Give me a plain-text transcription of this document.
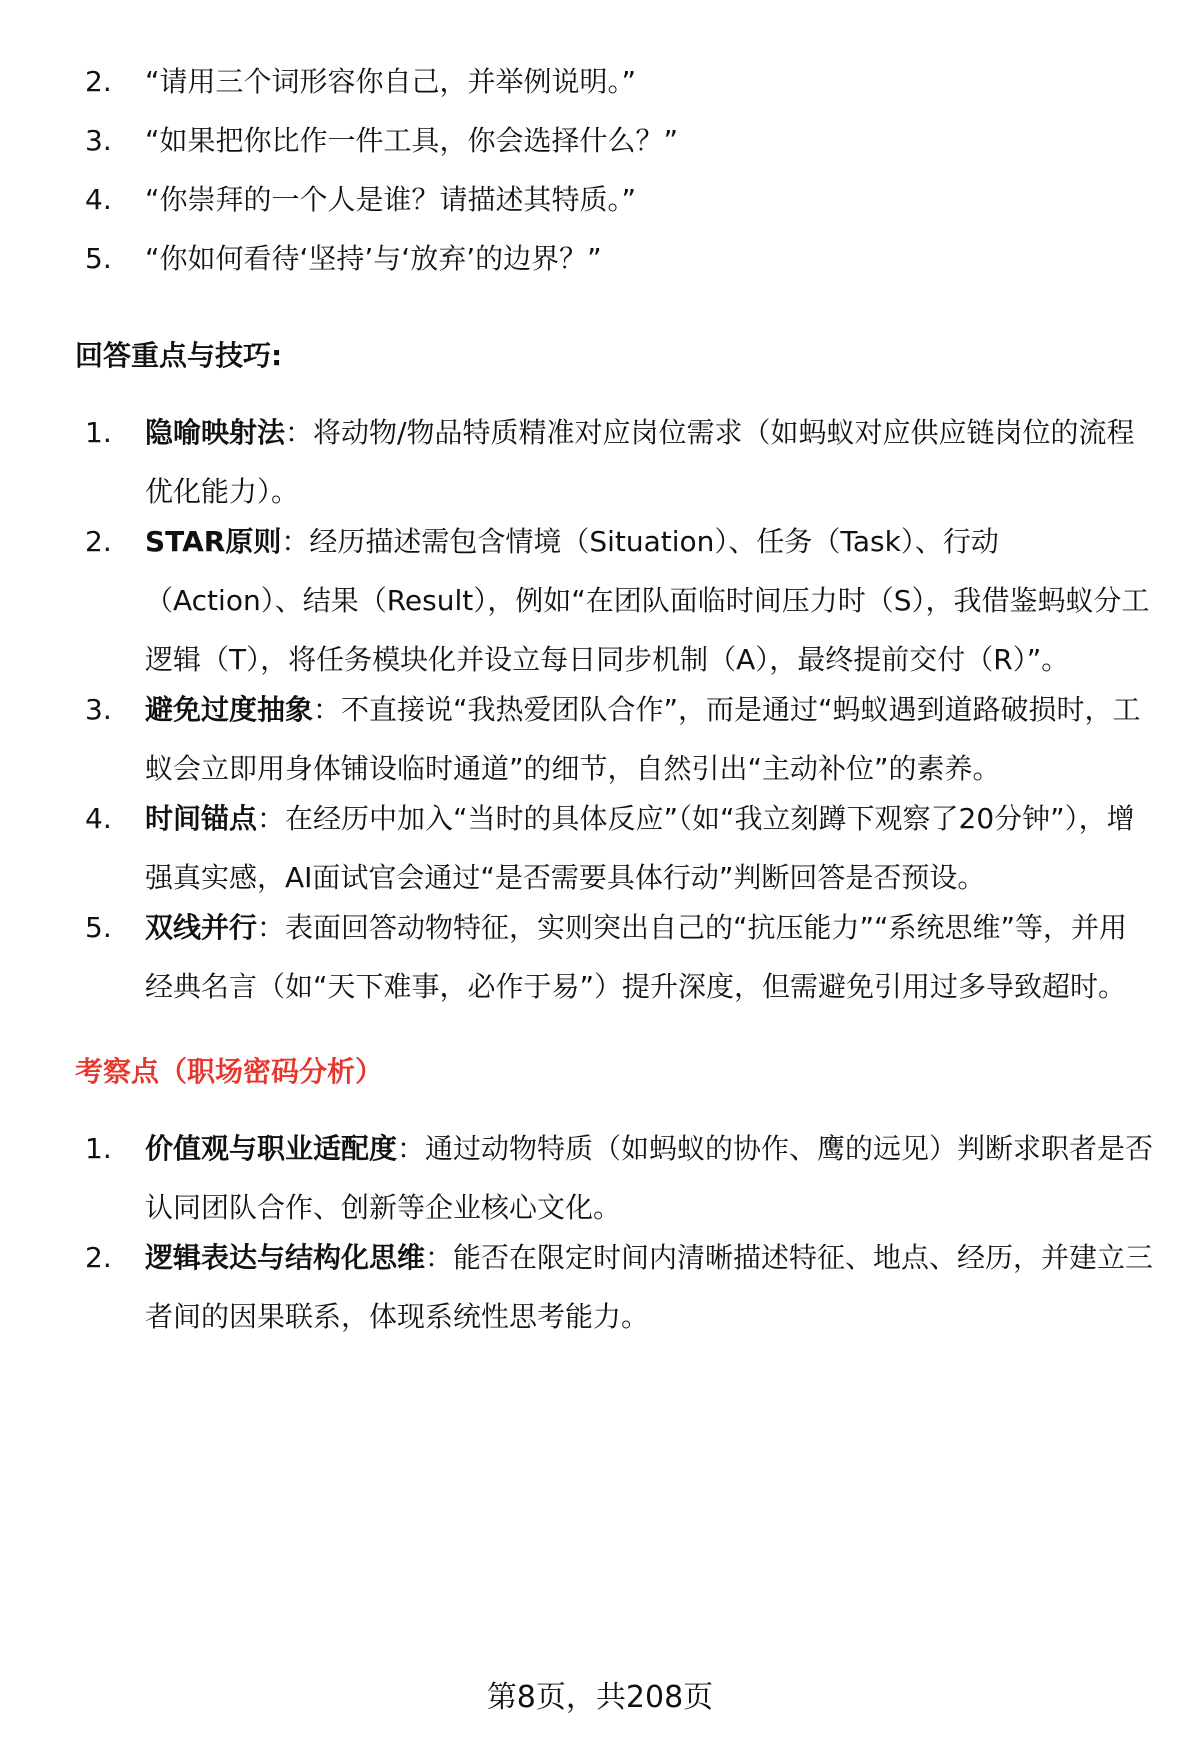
2.	“请用三个词形容你自己，并举例说明。”
3.	“如果把你比作一件工具，你会选择什么？”
4.	“你崇拜的一个人是谁？请描述其特质。”
5.	“你如何看待‘坚持’与‘放弃’的边界？”
回答重点与技巧:
1.	隐喻映射法：将动物/物品特质精准对应岗位需求（如蚂蚁对应供应链岗位的流程优化能力）。
2.	STAR原则：经历描述需包含情境（Situation）、任务（Task）、行动（Action）、结果（Result），例如“在团队面临时间压力时（S），我借鉴蚂蚁分工逻辑（T），将任务模块化并设立每日同步机制（A），最终提前交付（R）”。
3.	避免过度抽象：不直接说“我热爱团队合作”，而是通过“蚂蚁遇到道路破损时，工蚁会立即用身体铺设临时通道”的细节，自然引出“主动补位”的素养。
4.	时间锚点：在经历中加入“当时的具体反应”（如“我立刻蹲下观察了20分钟”），增强真实感，AI面试官会通过“是否需要具体行动”判断回答是否预设。
5.	双线并行：表面回答动物特征，实则突出自己的“抗压能力”“系统思维”等，并用经典名言（如“天下难事，必作于易”）提升深度，但需避免引用过多导致超时。
考察点（职场密码分析）
1.	价值观与职业适配度：通过动物特质（如蚂蚁的协作、鹰的远见）判断求职者是否认同团队合作、创新等企业核心文化。
2.	逻辑表达与结构化思维：能否在限定时间内清晰描述特征、地点、经历，并建立三者间的因果联系，体现系统性思考能力。
第8页，共208页
